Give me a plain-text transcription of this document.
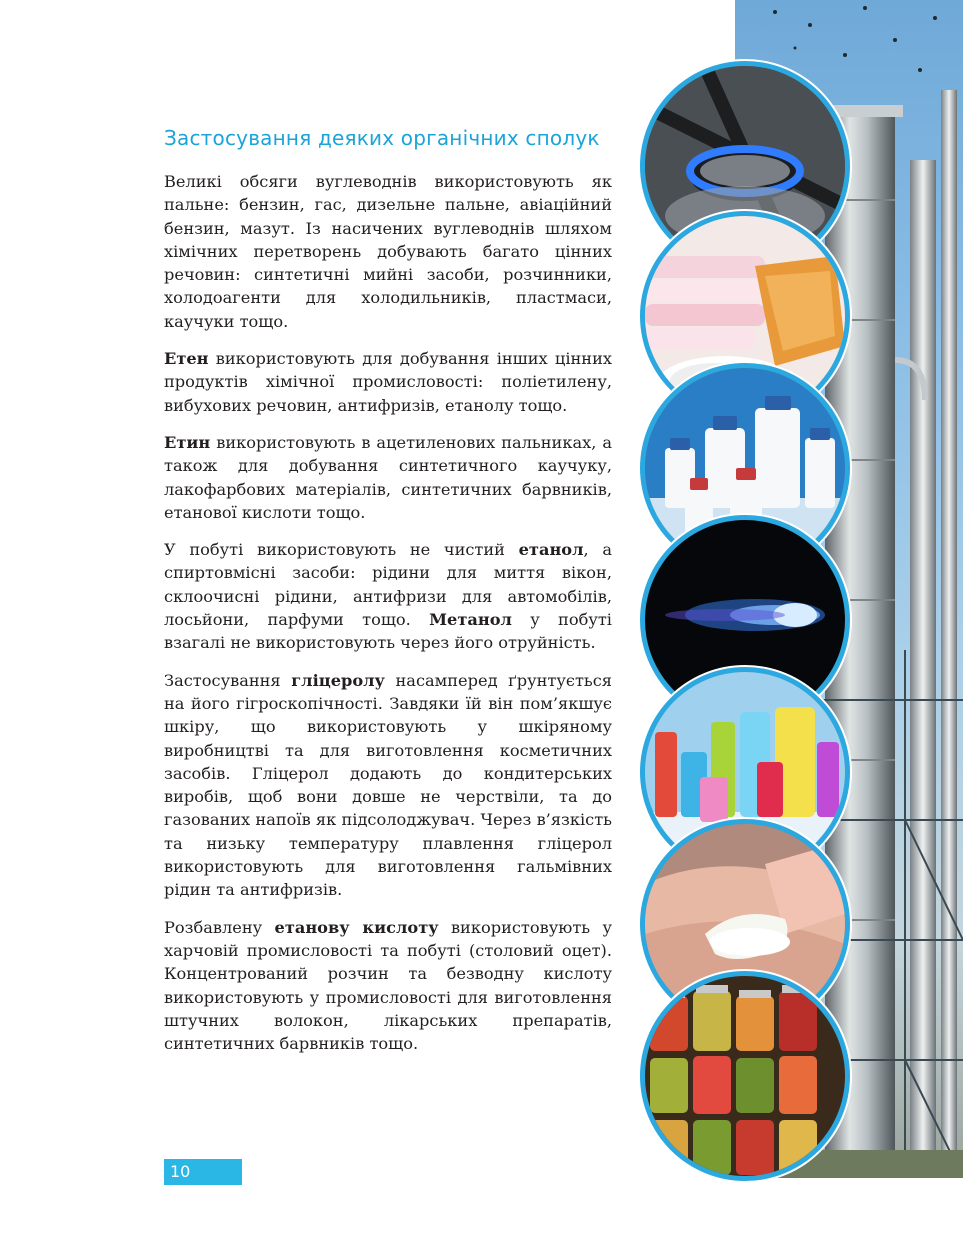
Застосування деяких органічних сполук

Великі обсяги вуглеводнів використовують як пальне: бензин, гас, дизельне пальне, авіаційний бензин, мазут. Із насичених вуглеводнів шляхом хімічних перетворень добувають багато цінних речовин: синтетичні мийні засоби, розчинники, холодоагенти для холодильників, пластмаси, каучуки тощо.

Етен використовують для добування інших цінних продуктів хімічної промисловості: поліетилену, вибухових речовин, антифризів, етанолу тощо.

Етин використовують в ацетиленових пальниках, а також для добування синтетичного каучуку, лакофарбових матеріалів, синтетичних барвників, етанової кислоти тощо.

У побуті використовують не чистий етанол, а спиртовмісні засоби: рідини для миття вікон, склоочисні рідини, антифризи для автомобілів, лосьйони, парфуми тощо. Метанол у побуті взагалі не використовують через його отруйність.

Застосування гліцеролу насамперед ґрунтується на його гігроскопічності. Завдяки їй він пом’якшує шкіру, що використовують у шкіряному виробництві та для виготовлення косметичних засобів. Гліцерол додають до кондитерських виробів, щоб вони довше не черствіли, та до газованих напоїв як підсолоджувач. Через в’язкість та низьку температуру плавлення гліцерол використовують для виготовлення гальмівних рідин та антифризів.

Розбавлену етанову кислоту використовують у харчовій промисловості та побуті (столовий оцет). Концентрований розчин та безводну кислоту використовують у промисловості для виготовлення штучних волокон, лікарських препаратів, синтетичних барвників тощо.

10
